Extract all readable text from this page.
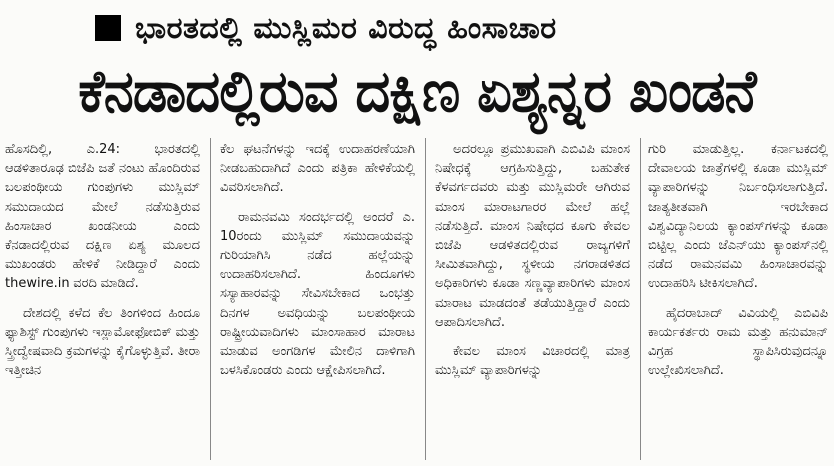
ಭಾರತದಲ್ಲಿ ಮುಸ್ಲಿಮರ ವಿರುದ್ಧ ಹಿಂಸಾಚಾರ
ಕೆನಡಾದಲ್ಲಿರುವ ದಕ್ಷಿಣ ಏಶ್ಯನ್ನರ ಖಂಡನೆ

ಹೊಸದಿಲ್ಲಿ, ಎ.24: ಭಾರತದಲ್ಲಿ ಆಡಳಿತಾರೂಢ ಬಿಜೆಪಿ ಜತೆ ನಂಟು ಹೊಂದಿರುವ ಬಲಪಂಥೀಯ ಗುಂಪುಗಳು ಮುಸ್ಲಿಮ್ ಸಮುದಾಯದ ಮೇಲೆ ನಡೆಸುತ್ತಿರುವ ಹಿಂಸಾಚಾರ ಖಂಡನೀಯ ಎಂದು ಕೆನಡಾದಲ್ಲಿರುವ ದಕ್ಷಿಣ ಏಶ್ಯ ಮೂಲದ ಮುಖಂಡರು ಹೇಳಿಕೆ ನೀಡಿದ್ದಾರೆ ಎಂದು thewire.in ವರದಿ ಮಾಡಿದೆ.

ದೇಶದಲ್ಲಿ ಕಳೆದ ಕೆಲ ತಿಂಗಳಿಂದ ಹಿಂದೂ ಫ್ಯಾಶಿಸ್ಟ್ ಗುಂಪುಗಳು ಇಸ್ಲಾಮೋಫೋಬಿಕ್ ಮತ್ತು ಸ್ತ್ರೀದ್ವೇಷವಾದಿ ಕ್ರಮಗಳನ್ನು ಕೈಗೊಳ್ಳುತ್ತಿವೆ. ತೀರಾ ಇತ್ತೀಚಿನ

ಕೆಲ ಘಟನೆಗಳನ್ನು ಇದಕ್ಕೆ ಉದಾಹರಣೆಯಾಗಿ ನೀಡಬಹುದಾಗಿದೆ ಎಂದು ಪತ್ರಿಕಾ ಹೇಳಿಕೆಯಲ್ಲಿ ವಿವರಿಸಲಾಗಿದೆ.

ರಾಮನವಮಿ ಸಂದರ್ಭದಲ್ಲಿ ಅಂದರೆ ಎ. 10ರಂದು ಮುಸ್ಲಿಮ್ ಸಮುದಾಯವನ್ನು ಗುರಿಯಾಗಿಸಿ ನಡೆದ ಹಲ್ಲೆಯನ್ನು ಉದಾಹರಿಸಲಾಗಿದೆ. ಹಿಂದೂಗಳು ಸಸ್ಯಾಹಾರವನ್ನು ಸೇವಿಸಬೇಕಾದ ಒಂಭತ್ತು ದಿನಗಳ ಅವಧಿಯನ್ನು ಬಲಪಂಥೀಯ ರಾಷ್ಟ್ರೀಯವಾದಿಗಳು ಮಾಂಸಾಹಾರ ಮಾರಾಟ ಮಾಡುವ ಅಂಗಡಿಗಳ ಮೇಲಿನ ದಾಳಿಗಾಗಿ ಬಳಸಿಕೊಂಡರು ಎಂದು ಆಕ್ಷೇಪಿಸಲಾಗಿದೆ.

ಅದರಲ್ಲೂ ಪ್ರಮುಖವಾಗಿ ಎಬಿವಿಪಿ ಮಾಂಸ ನಿಷೇಧಕ್ಕೆ ಆಗ್ರಹಿಸುತ್ತಿದ್ದು, ಬಹುತೇಕ ಕೆಳವರ್ಗದವರು ಮತ್ತು ಮುಸ್ಲಿಮರೇ ಆಗಿರುವ ಮಾಂಸ ಮಾರಾಟಗಾರರ ಮೇಲೆ ಹಲ್ಲೆ ನಡೆಸುತ್ತಿದೆ. ಮಾಂಸ ನಿಷೇಧದ ಕೂಗು ಕೇವಲ ಬಿಜೆಪಿ ಆಡಳಿತದಲ್ಲಿರುವ ರಾಜ್ಯಗಳಿಗೆ ಸೀಮಿತವಾಗಿದ್ದು, ಸ್ಥಳೀಯ ನಗರಾಡಳಿತದ ಅಧಿಕಾರಿಗಳು ಕೂಡಾ ಸಣ್ಣವ್ಯಾಪಾರಿಗಳು ಮಾಂಸ ಮಾರಾಟ ಮಾಡದಂತೆ ತಡೆಯುತ್ತಿದ್ದಾರೆ ಎಂದು ಆಪಾದಿಸಲಾಗಿದೆ.

ಕೇವಲ ಮಾಂಸ ವಿಚಾರದಲ್ಲಿ ಮಾತ್ರ ಮುಸ್ಲಿಮ್ ವ್ಯಾಪಾರಿಗಳನ್ನು

ಗುರಿ ಮಾಡುತ್ತಿಲ್ಲ. ಕರ್ನಾಟಕದಲ್ಲಿ ದೇವಾಲಯ ಜಾತ್ರೆಗಳಲ್ಲಿ ಕೂಡಾ ಮುಸ್ಲಿಮ್ ವ್ಯಾಪಾರಿಗಳನ್ನು ನಿರ್ಬಂಧಿಸಲಾಗುತ್ತಿದೆ. ಜಾತ್ಯತೀತವಾಗಿ ಇರಬೇಕಾದ ವಿಶ್ವವಿದ್ಯಾನಿಲಯ ಕ್ಯಾಂಪಸ್‌ಗಳನ್ನು ಕೂಡಾ ಬಿಟ್ಟಿಲ್ಲ ಎಂದು ಜೆಎನ್‌ಯು ಕ್ಯಾಂಪಸ್‌ನಲ್ಲಿ ನಡೆದ ರಾಮನವಮಿ ಹಿಂಸಾಚಾರವನ್ನು ಉದಾಹರಿಸಿ ಟೀಕಿಸಲಾಗಿದೆ.

ಹೈದರಾಬಾದ್ ವಿವಿಯಲ್ಲಿ ಎಬಿವಿಪಿ ಕಾರ್ಯಕರ್ತರು ರಾಮ ಮತ್ತು ಹನುಮಾನ್ ವಿಗ್ರಹ ಸ್ಥಾಪಿಸಿರುವುದನ್ನೂ ಉಲ್ಲೇಖಿಸಲಾಗಿದೆ.
